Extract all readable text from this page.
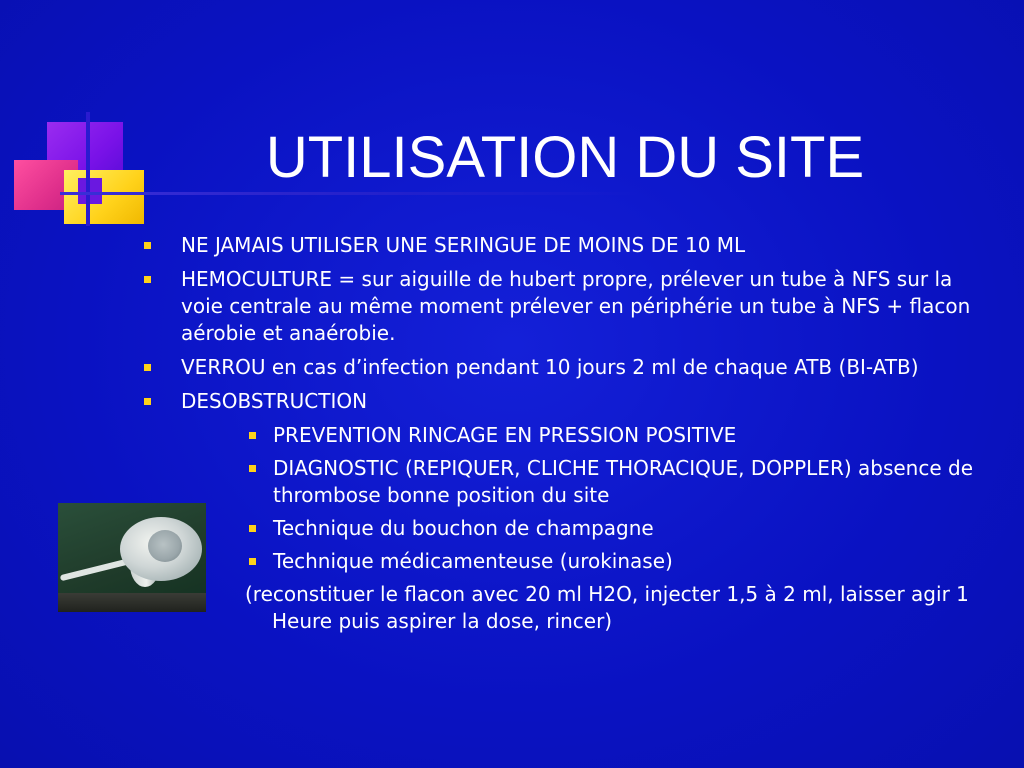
UTILISATION DU SITE
NE JAMAIS UTILISER UNE SERINGUE DE MOINS DE 10 ML
HEMOCULTURE = sur aiguille de hubert propre, prélever un tube à NFS sur la voie centrale au même moment prélever en périphérie un tube à NFS + flacon aérobie et anaérobie.
VERROU en cas d’infection pendant 10 jours 2 ml de chaque ATB (BI-ATB)
DESOBSTRUCTION
PREVENTION RINCAGE EN PRESSION POSITIVE
DIAGNOSTIC (REPIQUER, CLICHE THORACIQUE, DOPPLER) absence de thrombose bonne position du site
Technique du bouchon de champagne
Technique médicamenteuse (urokinase)
(reconstituer le flacon avec 20 ml H2O, injecter 1,5 à 2 ml, laisser agir 1 Heure puis aspirer la dose, rincer)
